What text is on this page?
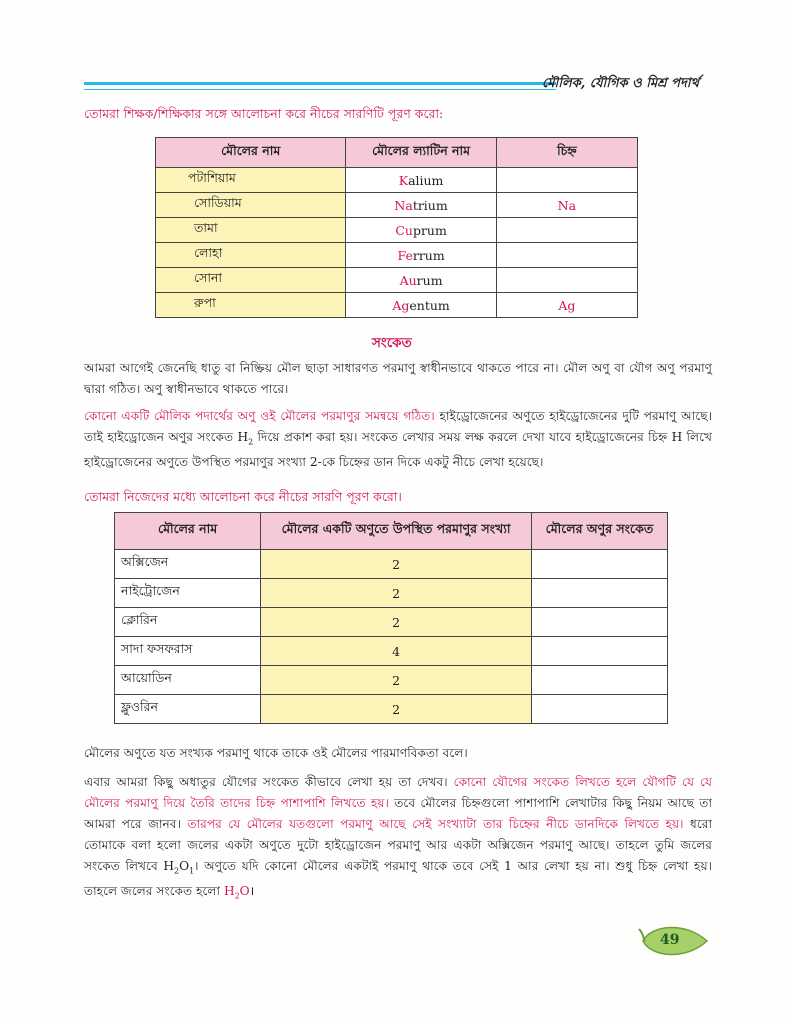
মৌলিক, যৌগিক ও মিশ্র পদার্থ
তোমরা শিক্ষক/শিক্ষিকার সঙ্গে আলোচনা করে নীচের সারণিটি পূরণ করো:
মৌলের নাম	মৌলের ল্যাটিন নাম	চিহ্ন
পটাশিয়াম	Kalium	
সোডিয়াম	Natrium	Na
তামা	Cuprum	
লোহা	Ferrum	
সোনা	Aurum	
রুপা	Agentum	Ag
সংকেত
আমরা আগেই জেনেছি ধাতু বা নিষ্ক্রিয় মৌল ছাড়া সাধারণত পরমাণু স্বাধীনভাবে থাকতে পারে না। মৌল অণু বা যৌগ অণু পরমাণু দ্বারা গঠিত। অণু স্বাধীনভাবে থাকতে পারে।
কোনো একটি মৌলিক পদার্থের অণু ওই মৌলের পরমাণুর সমন্বয়ে গঠিত। হাইড্রোজেনের অণুতে হাইড্রোজেনের দুটি পরমাণু আছে। তাই হাইড্রোজেন অণুর সংকেত $H_2$ দিয়ে প্রকাশ করা হয়। সংকেত লেখার সময় লক্ষ করলে দেখা যাবে হাইড্রোজেনের চিহ্ন H লিখে হাইড্রোজেনের অণুতে উপস্থিত পরমাণুর সংখ্যা 2-কে চিহ্নের ডান দিকে একটু নীচে লেখা হয়েছে।
তোমরা নিজেদের মধ্যে আলোচনা করে নীচের সারণি পূরণ করো।
মৌলের নাম	মৌলের একটি অণুতে উপস্থিত পরমাণুর সংখ্যা	মৌলের অণুর সংকেত
অক্সিজেন	2	
নাইট্রোজেন	2	
ক্লোরিন	2	
সাদা ফসফরাস	4	
আয়োডিন	2	
ফ্লুওরিন	2	
মৌলের অণুতে যত সংখ্যক পরমাণু থাকে তাকে ওই মৌলের পারমাণবিকতা বলে।
এবার আমরা কিছু অধাতুর যৌগের সংকেত কীভাবে লেখা হয় তা দেখব। কোনো যৌগের সংকেত লিখতে হলে যৌগটি যে যে মৌলের পরমাণু দিয়ে তৈরি তাদের চিহ্ন পাশাপাশি লিখতে হয়। তবে মৌলের চিহ্নগুলো পাশাপাশি লেখাটার কিছু নিয়ম আছে তা আমরা পরে জানব। তারপর যে মৌলের যতগুলো পরমাণু আছে সেই সংখ্যাটা তার চিহ্নের নীচে ডানদিকে লিখতে হয়। ধরো তোমাকে বলা হলো জলের একটা অণুতে দুটো হাইড্রোজেন পরমাণু আর একটা অক্সিজেন পরমাণু আছে। তাহলে তুমি জলের সংকেত লিখবে $H_2O_1।$ অণুতে যদি কোনো মৌলের একটাই পরমাণু থাকে তবে সেই 1 আর লেখা হয় না। শুধু চিহ্ন লেখা হয়। তাহলে জলের সংকেত হলো $H_2O।$
49
